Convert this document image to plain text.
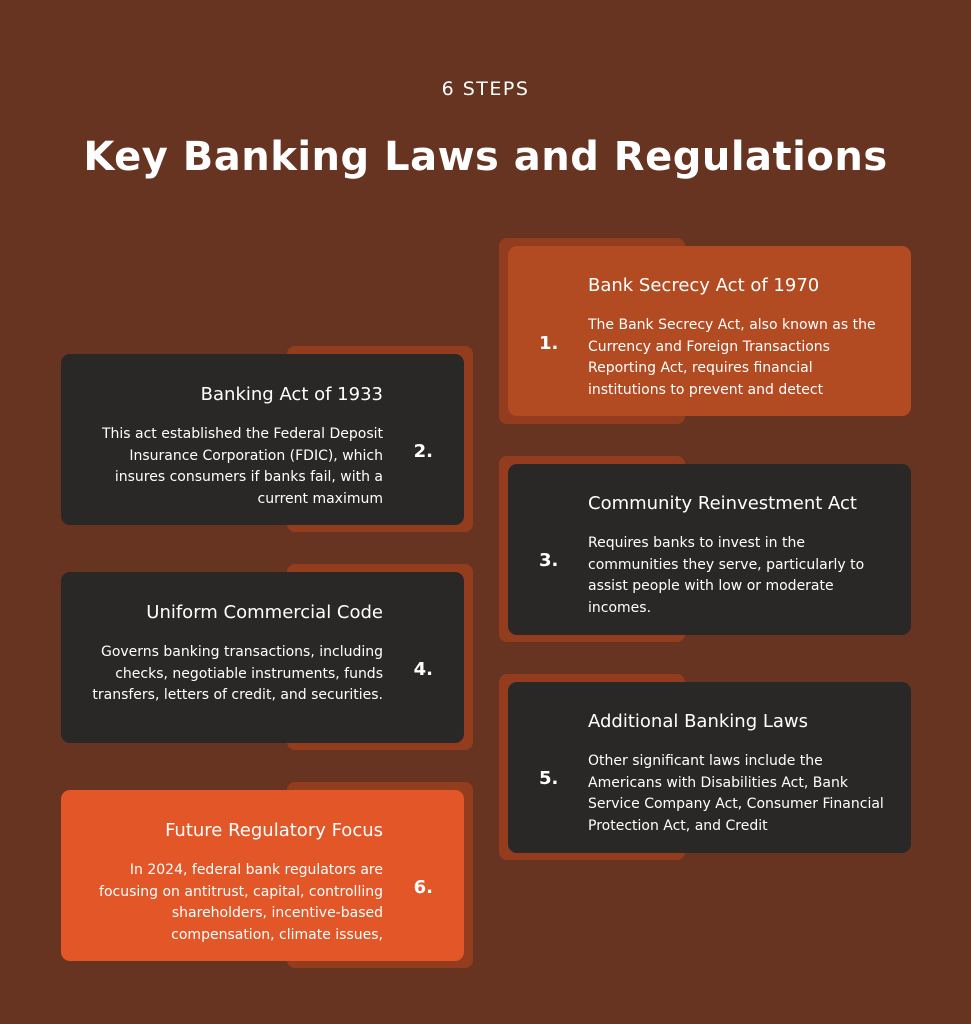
6 STEPS
Key Banking Laws and Regulations
1.
Bank Secrecy Act of 1970

The Bank Secrecy Act, also known as the Currency and Foreign Transactions Reporting Act, requires financial institutions to prevent and detect

2.
Banking Act of 1933

This act established the Federal Deposit Insurance Corporation (FDIC), which insures consumers if banks fail, with a current maximum

3.
Community Reinvestment Act

Requires banks to invest in the communities they serve, particularly to assist people with low or moderate incomes.

4.
Uniform Commercial Code

Governs banking transactions, including checks, negotiable instruments, funds transfers, letters of credit, and securities.

5.
Additional Banking Laws

Other significant laws include the Americans with Disabilities Act, Bank Service Company Act, Consumer Financial Protection Act, and Credit

6.
Future Regulatory Focus

In 2024, federal bank regulators are focusing on antitrust, capital, controlling shareholders, incentive-based compensation, climate issues,
